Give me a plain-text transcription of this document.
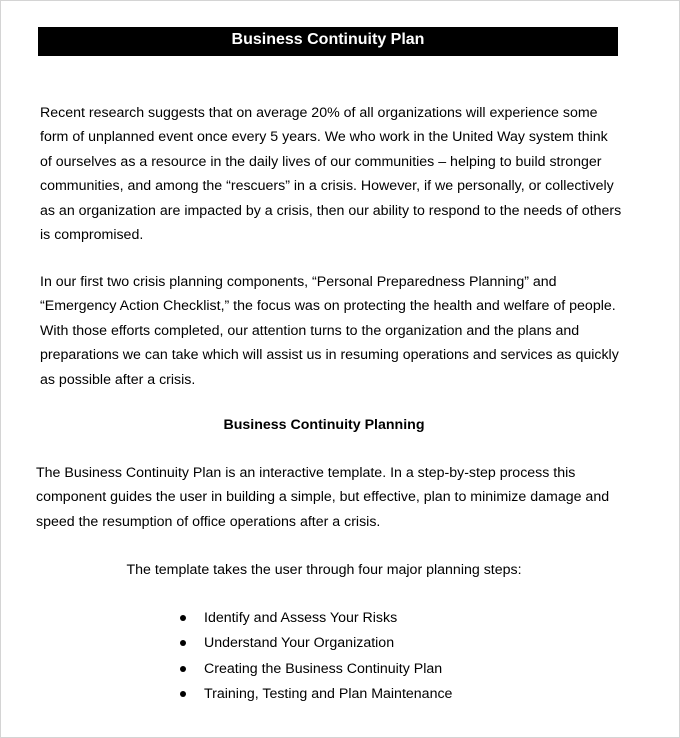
Business Continuity Plan
Recent research suggests that on average 20% of all organizations will experience some
form of unplanned event once every 5 years. We who work in the United Way system think
of ourselves as a resource in the daily lives of our communities – helping to build stronger
communities, and among the “rescuers” in a crisis. However, if we personally, or collectively
as an organization are impacted by a crisis, then our ability to respond to the needs of others
is compromised.
In our first two crisis planning components, “Personal Preparedness Planning” and
“Emergency Action Checklist,” the focus was on protecting the health and welfare of people.
With those efforts completed, our attention turns to the organization and the plans and
preparations we can take which will assist us in resuming operations and services as quickly
as possible after a crisis.
Business Continuity Planning
The Business Continuity Plan is an interactive template. In a step-by-step process this
component guides the user in building a simple, but effective, plan to minimize damage and
speed the resumption of office operations after a crisis.
The template takes the user through four major planning steps:
Identify and Assess Your Risks
Understand Your Organization
Creating the Business Continuity Plan
Training, Testing and Plan Maintenance
